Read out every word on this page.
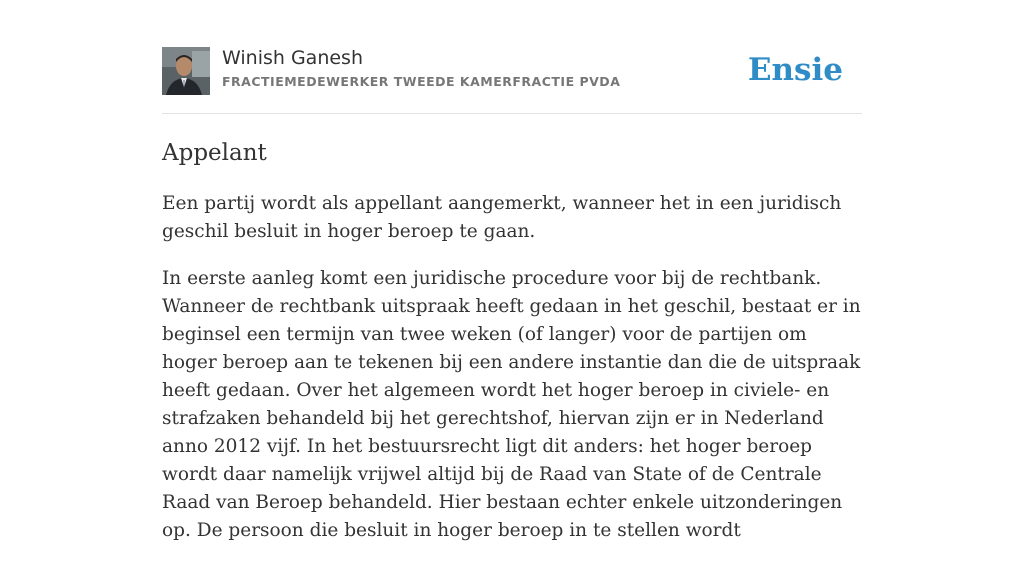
Winish Ganesh
FRACTIEMEDEWERKER TWEEDE KAMERFRACTIE PVDA	Ensie
Appelant

Een partij wordt als appellant aangemerkt, wanneer het in een juridisch geschil besluit in hoger beroep te gaan.

In eerste aanleg komt een juridische procedure voor bij de rechtbank. Wanneer de rechtbank uitspraak heeft gedaan in het geschil, bestaat er in beginsel een termijn van twee weken (of langer) voor de partijen om hoger beroep aan te tekenen bij een andere instantie dan die de uitspraak heeft gedaan. Over het algemeen wordt het hoger beroep in civiele- en strafzaken behandeld bij het gerechtshof, hiervan zijn er in Nederland anno 2012 vijf. In het bestuursrecht ligt dit anders: het hoger beroep wordt daar namelijk vrijwel altijd bij de Raad van State of de Centrale Raad van Beroep behandeld. Hier bestaan echter enkele uitzonderingen op. De persoon die besluit in hoger beroep in te stellen wordt
